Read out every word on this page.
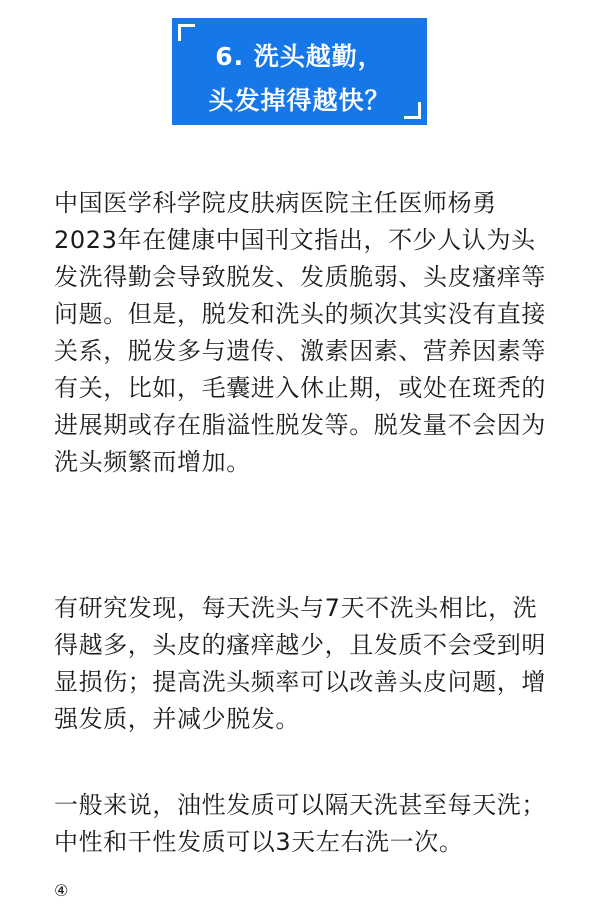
6. 洗头越勤，
头发掉得越快？

中国医学科学院皮肤病医院主任医师杨勇2023年在健康中国刊文指出，不少人认为头发洗得勤会导致脱发、发质脆弱、头皮瘙痒等问题。但是，脱发和洗头的频次其实没有直接关系，脱发多与遗传、激素因素、营养因素等有关，比如，毛囊进入休止期，或处在斑秃的进展期或存在脂溢性脱发等。脱发量不会因为洗头频繁而增加。

有研究发现，每天洗头与7天不洗头相比，洗得越多，头皮的瘙痒越少，且发质不会受到明显损伤；提高洗头频率可以改善头皮问题，增强发质，并减少脱发。

一般来说，油性发质可以隔天洗甚至每天洗；中性和干性发质可以3天左右洗一次。

④
